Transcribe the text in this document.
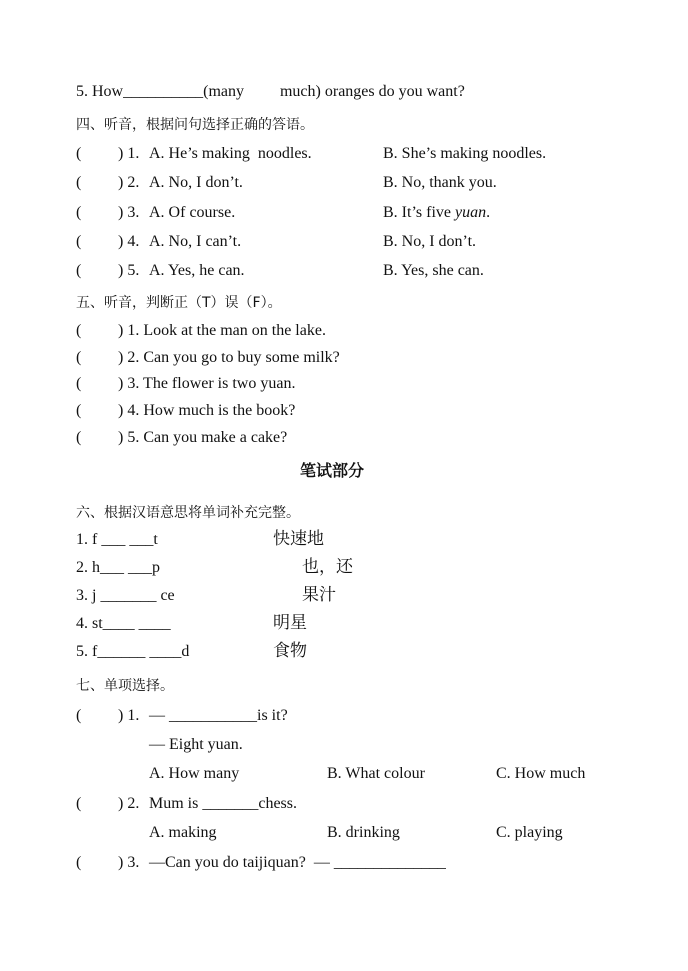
5. How__________(many         much) oranges do you want?
四、听音，根据问句选择正确的答语。
( ) 1. A. He’s making  noodles.	B. She’s making noodles.
( ) 2. A. No, I don’t.	B. No, thank you.
( ) 3. A. Of course.	B. It’s five yuan.
( ) 4. A. No, I can’t.	B. No, I don’t.
( ) 5. A. Yes, he can.	B. Yes, she can.
五、听音，判断正（T）误（F）。
( ) 1. Look at the man on the lake.
( ) 2. Can you go to buy some milk?
( ) 3. The flower is two yuan.
( ) 4. How much is the book?
( ) 5. Can you make a cake?
笔试部分
六、根据汉语意思将单词补充完整。
1. f ___ ___t	快速地
2. h___ ___p	也，还
3. j _______ ce	果汁
4. st____ ____	明星
5. f______ ____d	食物
七、单项选择。
( ) 1. — ___________is it?
— Eight yuan.
A. How many	B. What colour	C. How much
( ) 2. Mum is _______chess.
A. making	B. drinking	C. playing
( ) 3. —Can you do taijiquan?  — ______________
